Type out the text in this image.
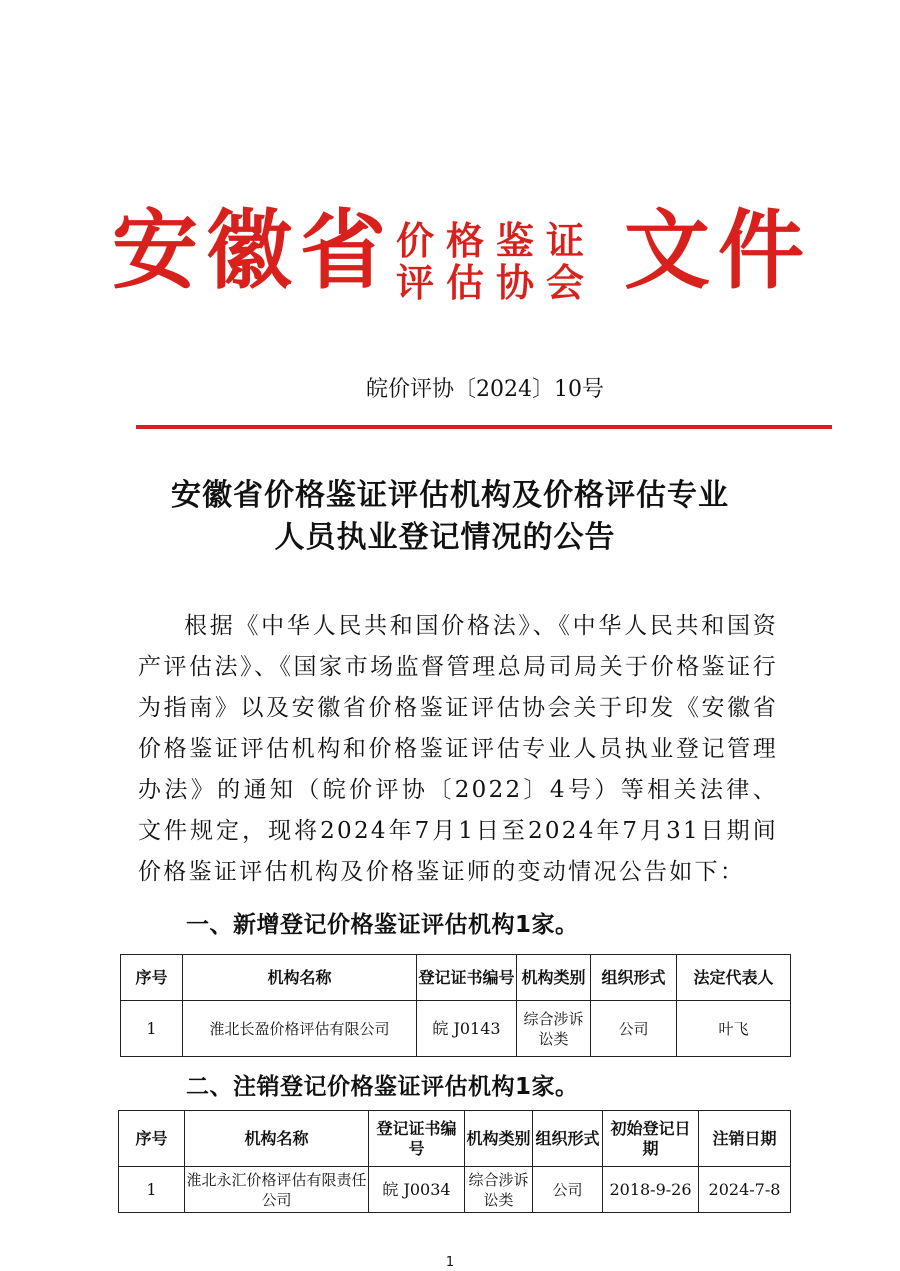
安徽省 价格鉴证
评估协会 文件
皖价评协〔2024〕10号
安徽省价格鉴证评估机构及价格评估专业
人员执业登记情况的公告
根据《中华人民共和国价格法》、《中华人民共和国资产评估法》、《国家市场监督管理总局司局关于价格鉴证行为指南》以及安徽省价格鉴证评估协会关于印发《安徽省价格鉴证评估机构和价格鉴证评估专业人员执业登记管理办法》的通知（皖价评协〔2022〕4号）等相关法律、文件规定，现将2024年7月1日至2024年7月31日期间价格鉴证评估机构及价格鉴证师的变动情况公告如下：
一、新增登记价格鉴证评估机构1家。
序号	机构名称	登记证书编号	机构类别	组织形式	法定代表人
1	淮北长盈价格评估有限公司	皖 J0143	综合涉诉讼类	公司	叶飞
二、注销登记价格鉴证评估机构1家。
序号	机构名称	登记证书编号	机构类别	组织形式	初始登记日期	注销日期
1	淮北永汇价格评估有限责任公司	皖 J0034	综合涉诉讼类	公司	2018-9-26	2024-7-8
1
